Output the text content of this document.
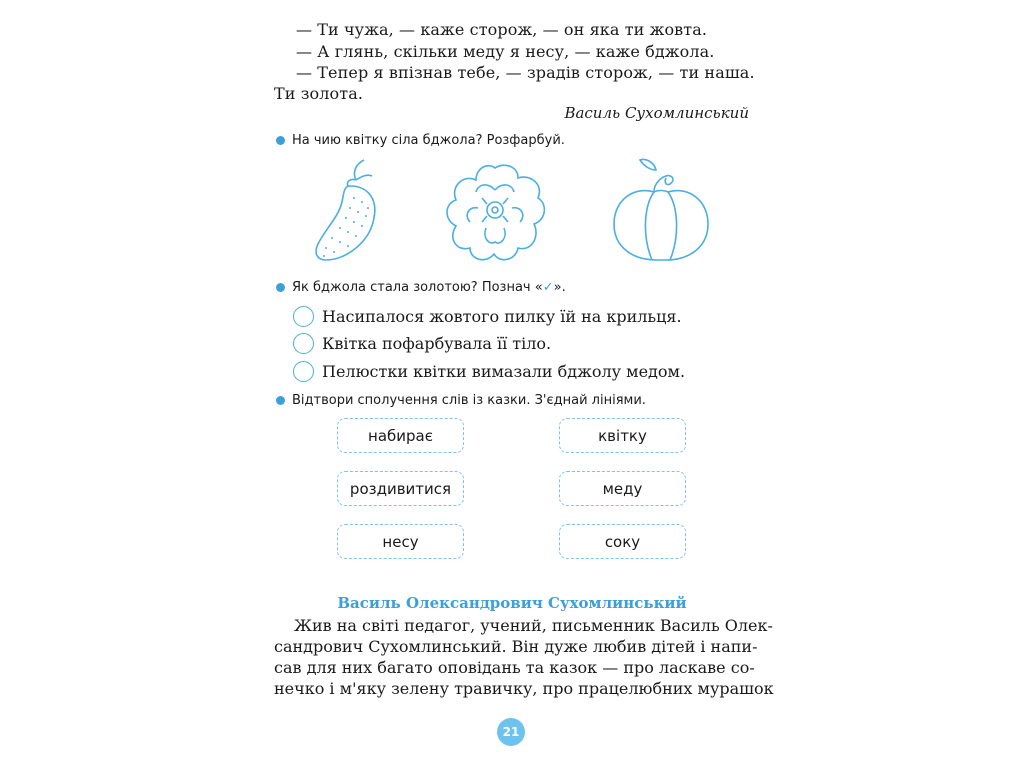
— Ти чужа, — каже сторож, — он яка ти жовта.
— А глянь, скільки меду я несу, — каже бджола.
— Тепер я впізнав тебе, — зрадів сторож, — ти наша.
Ти золота.
Василь Сухомлинський
На чию квітку сіла бджола? Розфарбуй.
Як бджола стала золотою? Познач « ✓ ».
Насипалося жовтого пилку їй на крильця.
Квітка пофарбувала її тіло.
Пелюстки квітки вимазали бджолу медом.
Відтвори сполучення слів із казки. З'єднай лініями.
набирає
роздивитися
несу
квітку
меду
соку
Василь Олександрович Сухомлинський
Жив на світі педагог, учений, письменник Василь Олек-
сандрович Сухомлинський. Він дуже любив дітей і напи-
сав для них багато оповідань та казок — про ласкаве со-
нечко і м'яку зелену травичку, про працелюбних мурашок
21
